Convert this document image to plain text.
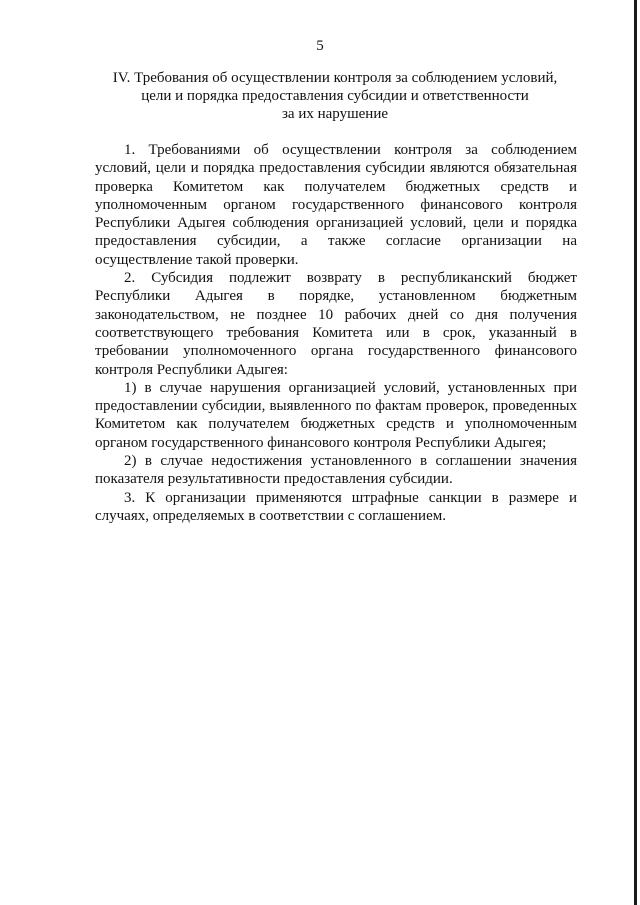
5
IV. Требования об осуществлении контроля за соблюдением условий,
цели и порядка предоставления субсидии и ответственности
за их нарушение

1. Требованиями об осуществлении контроля за соблюдением условий, цели и порядка предоставления субсидии являются обязательная проверка Комитетом как получателем бюджетных средств и уполномоченным органом государственного финансового контроля Республики Адыгея соблюдения организацией условий, цели и порядка предоставления субсидии, а также согласие организации на осуществление такой проверки.

2. Субсидия подлежит возврату в республиканский бюджет Республики Адыгея в порядке, установленном бюджетным законодательством, не позднее 10 рабочих дней со дня получения соответствующего требования Комитета или в срок, указанный в требовании уполномоченного органа государственного финансового контроля Республики Адыгея:

1) в случае нарушения организацией условий, установленных при предоставлении субсидии, выявленного по фактам проверок, проведенных Комитетом как получателем бюджетных средств и уполномоченным органом государственного финансового контроля Республики Адыгея;

2) в случае недостижения установленного в соглашении значения показателя результативности предоставления субсидии.

3. К организации применяются штрафные санкции в размере и случаях, определяемых в соответствии с соглашением.
